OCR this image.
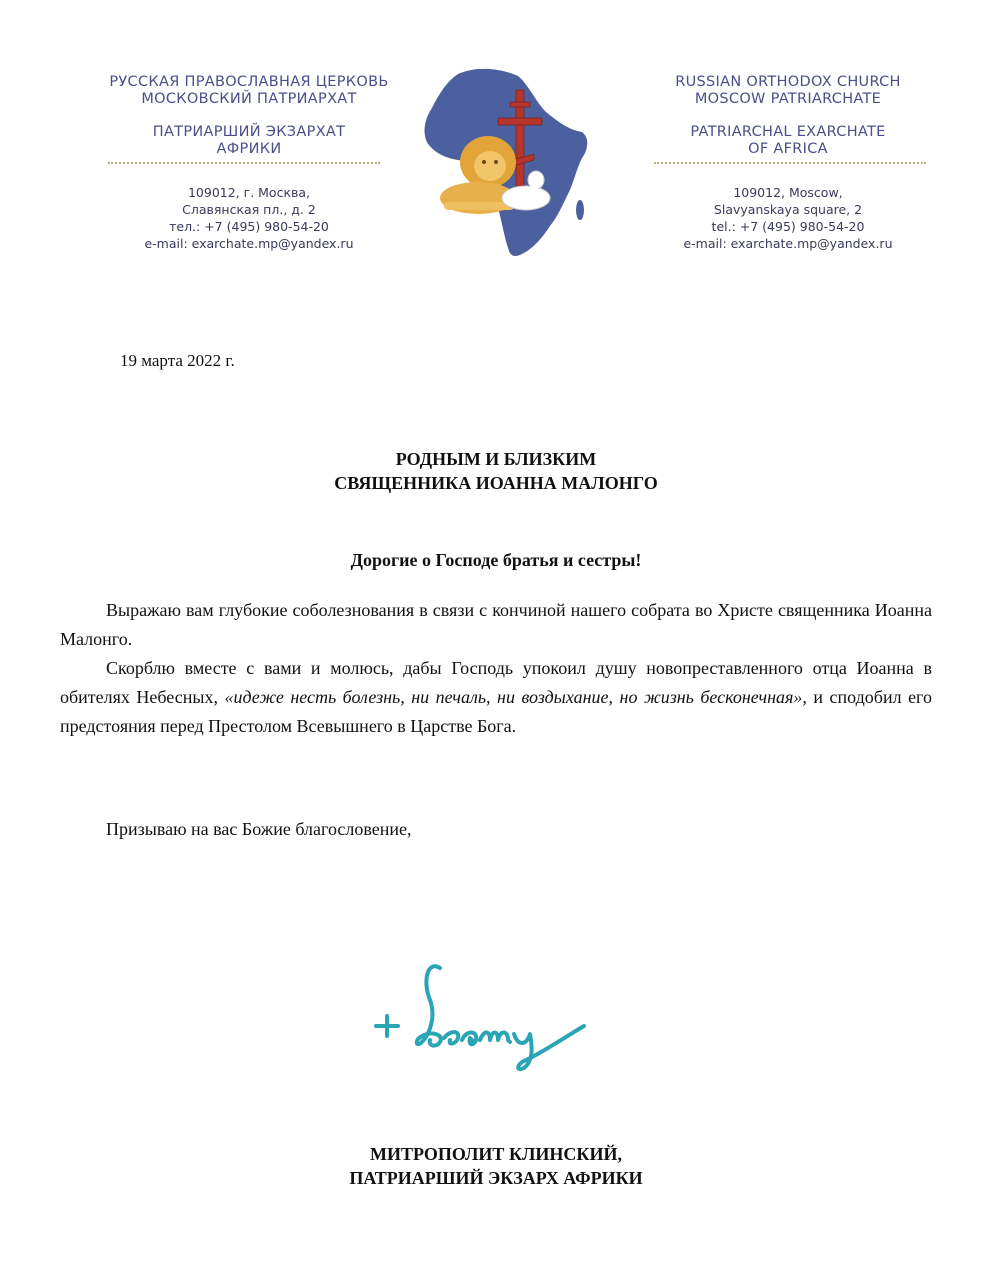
РУССКАЯ ПРАВОСЛАВНАЯ ЦЕРКОВЬ
МОСКОВСКИЙ ПАТРИАРХАТ
ПАТРИАРШИЙ ЭКЗАРХАТ
АФРИКИ
109012, г. Москва,
Славянская пл., д. 2
тел.: +7 (495) 980-54-20
e-mail: exarchate.mp@yandex.ru
RUSSIAN ORTHODOX CHURCH
MOSCOW PATRIARCHATE
PATRIARCHAL EXARCHATE
OF AFRICA
109012, Moscow,
Slavyanskaya square, 2
tel.: +7 (495) 980-54-20
e-mail: exarchate.mp@yandex.ru
19 марта 2022 г.
РОДНЫМ И БЛИЗКИМ
СВЯЩЕННИКА ИОАННА МАЛОНГО
Дорогие о Господе братья и сестры!
Выражаю вам глубокие соболезнования в связи с кончиной нашего собрата во Христе священника Иоанна Малонго.
Скорблю вместе с вами и молюсь, дабы Господь упокоил душу новопреставленного отца Иоанна в обителях Небесных, «идеже несть болезнь, ни печаль, ни воздыхание, но жизнь бесконечная», и сподобил его предстояния перед Престолом Всевышнего в Царстве Бога.
Призываю на вас Божие благословение,
МИТРОПОЛИТ КЛИНСКИЙ,
ПАТРИАРШИЙ ЭКЗАРХ АФРИКИ
